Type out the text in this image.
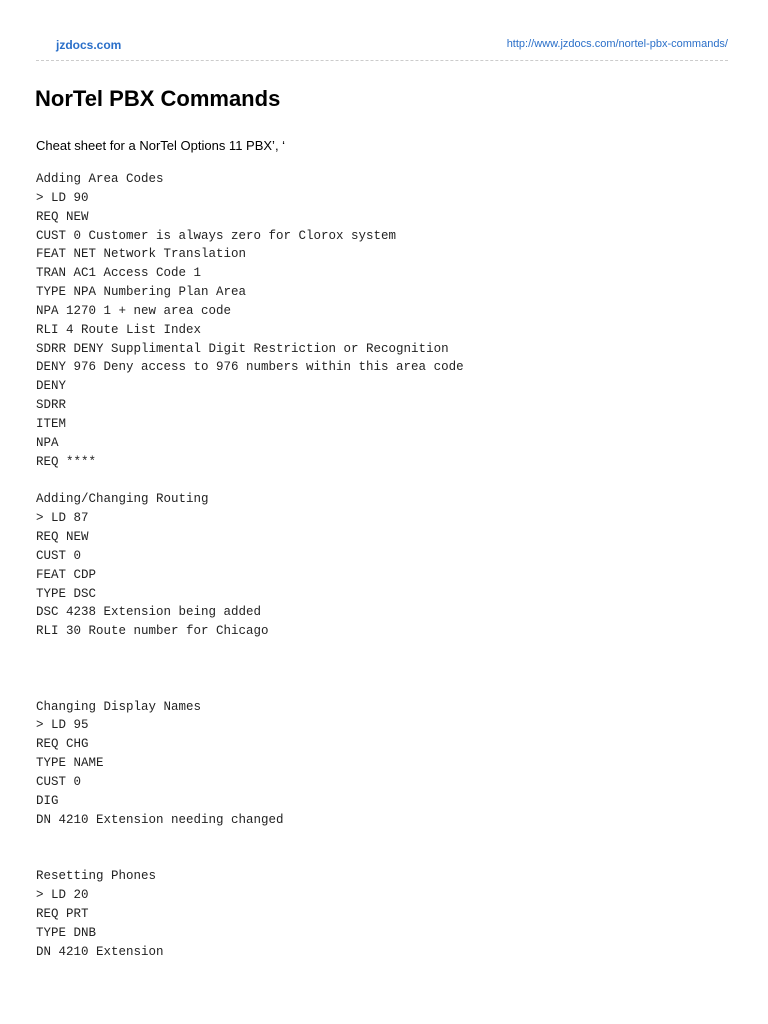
jzdocs.com	http://www.jzdocs.com/nortel-pbx-commands/
NorTel PBX Commands

Cheat sheet for a NorTel Options 11 PBX’, ‘

Adding Area Codes
> LD 90
REQ NEW
CUST 0 Customer is always zero for Clorox system
FEAT NET Network Translation
TRAN AC1 Access Code 1
TYPE NPA Numbering Plan Area
NPA 1270 1 + new area code
RLI 4 Route List Index
SDRR DENY Supplimental Digit Restriction or Recognition
DENY 976 Deny access to 976 numbers within this area code
DENY
SDRR
ITEM
NPA
REQ ****
Adding/Changing Routing
> LD 87
REQ NEW
CUST 0
FEAT CDP
TYPE DSC
DSC 4238 Extension being added
RLI 30 Route number for Chicago
Changing Display Names
> LD 95
REQ CHG
TYPE NAME
CUST 0
DIG
DN 4210 Extension needing changed
Resetting Phones
> LD 20
REQ PRT
TYPE DNB
DN 4210 Extension
